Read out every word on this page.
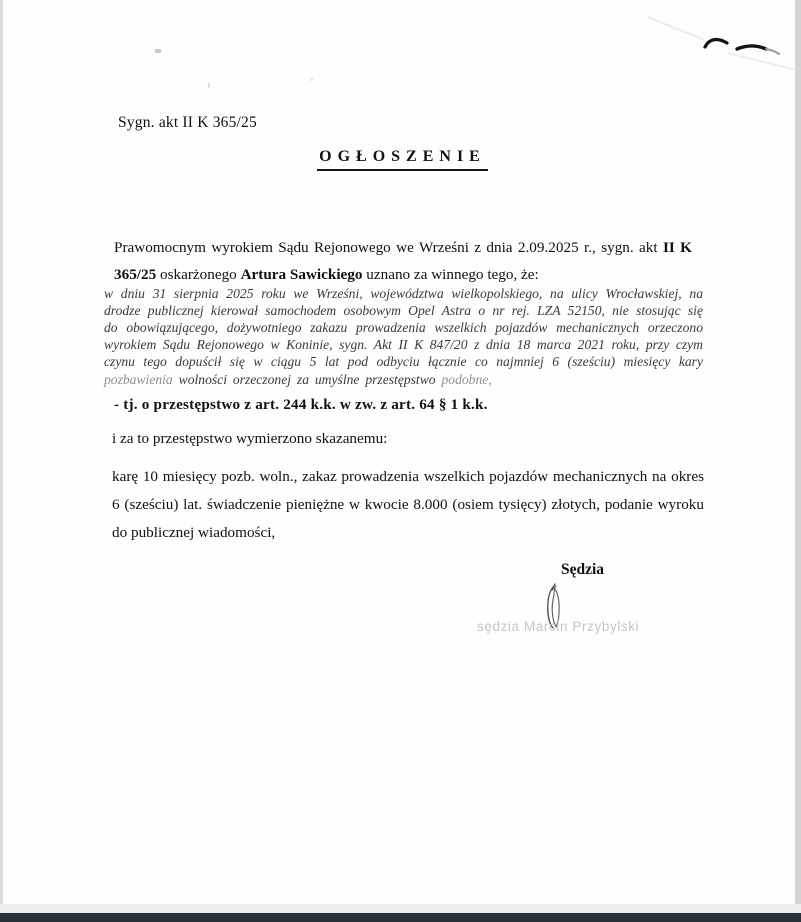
Sygn. akt II K 365/25
OGŁOSZENIE

Prawomocnym wyrokiem Sądu Rejonowego we Wrześni z dnia 2.09.2025 r., sygn. akt II K 365/25 oskarżonego Artura Sawickiego uznano za winnego tego, że:

w dniu 31 sierpnia 2025 roku we Wrześni, województwa wielkopolskiego, na ulicy Wrocławskiej, na drodze publicznej kierował samochodem osobowym Opel Astra o nr rej. LZA 52150, nie stosując się do obowiązującego, dożywotniego zakazu prowadzenia wszelkich pojazdów mechanicznych orzeczono wyrokiem Sądu Rejonowego w Koninie, sygn. Akt II K 847/20 z dnia 18 marca 2021 roku, przy czym czynu tego dopuścił się w ciągu 5 lat pod odbyciu łącznie co najmniej 6 (sześciu) miesięcy kary pozbawienia wolności orzeczonej za umyślne przestępstwo podobne,

- tj. o przestępstwo z art. 244 k.k. w zw. z art. 64 § 1 k.k.
i za to przestępstwo wymierzono skazanemu:

karę 10 miesięcy pozb. woln., zakaz prowadzenia wszelkich pojazdów mechanicznych na okres 6 (sześciu) lat. świadczenie pieniężne w kwocie 8.000 (osiem tysięcy) złotych, podanie wyroku do publicznej wiadomości,

Sędzia
sędzia Marcin Przybylski
